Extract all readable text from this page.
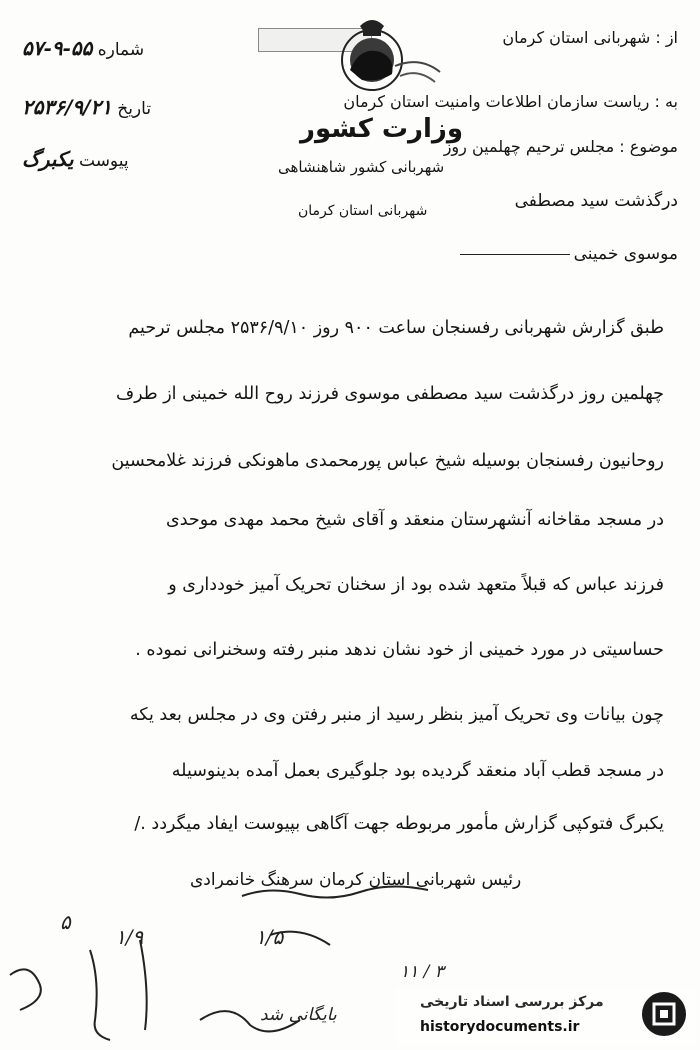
از : شهربانی استان کرمان
به : ریاست سازمان اطلاعات وامنیت استان کرمان
موضوع : مجلس ترحیم چهلمین روز
درگذشت سید مصطفی
موسوی خمینی
شماره ۵۵-۹-۵۷
تاریخ ۲۵۳۶/۹/۲۱
پیوست یکبرگ
وزارت کشور
شهربانی کشور شاهنشاهی
شهربانی استان کرمان
طبق گزارش شهربانی رفسنجان ساعت ۹۰۰ روز ۲۵۳۶/۹/۱۰ مجلس ترحیم
چهلمین روز درگذشت سید مصطفی موسوی فرزند روح الله خمینی از طرف
روحانیون رفسنجان بوسیله شیخ عباس پورمحمدی ماهونکی فرزند غلامحسین
در مسجد مقاخانه آنشهرستان منعقد و آقای شیخ محمد مهدی موحدی
فرزند عباس که قبلاً متعهد شده بود از سخنان تحریک آمیز خودداری و
حساسیتی در مورد خمینی از خود نشان ندهد منبر رفته وسخنرانی نموده .
چون بیانات وی تحریک آمیز بنظر رسید از منبر رفتن وی در مجلس بعد یکه
در مسجد قطب آباد منعقد گردیده بود جلوگیری بعمل آمده بدینوسیله
یکبرگ فتوکپی گزارش مأمور مربوطه جهت آگاهی بپیوست ایفاد میگردد ./
رئیس شهربانی استان کرمان سرهنگ خانمرادی
۵
۱/۹	۱/۵
۱۱ / ۳
بایگانی شد
مرکز بررسی اسناد تاریخی
historydocuments.ir
